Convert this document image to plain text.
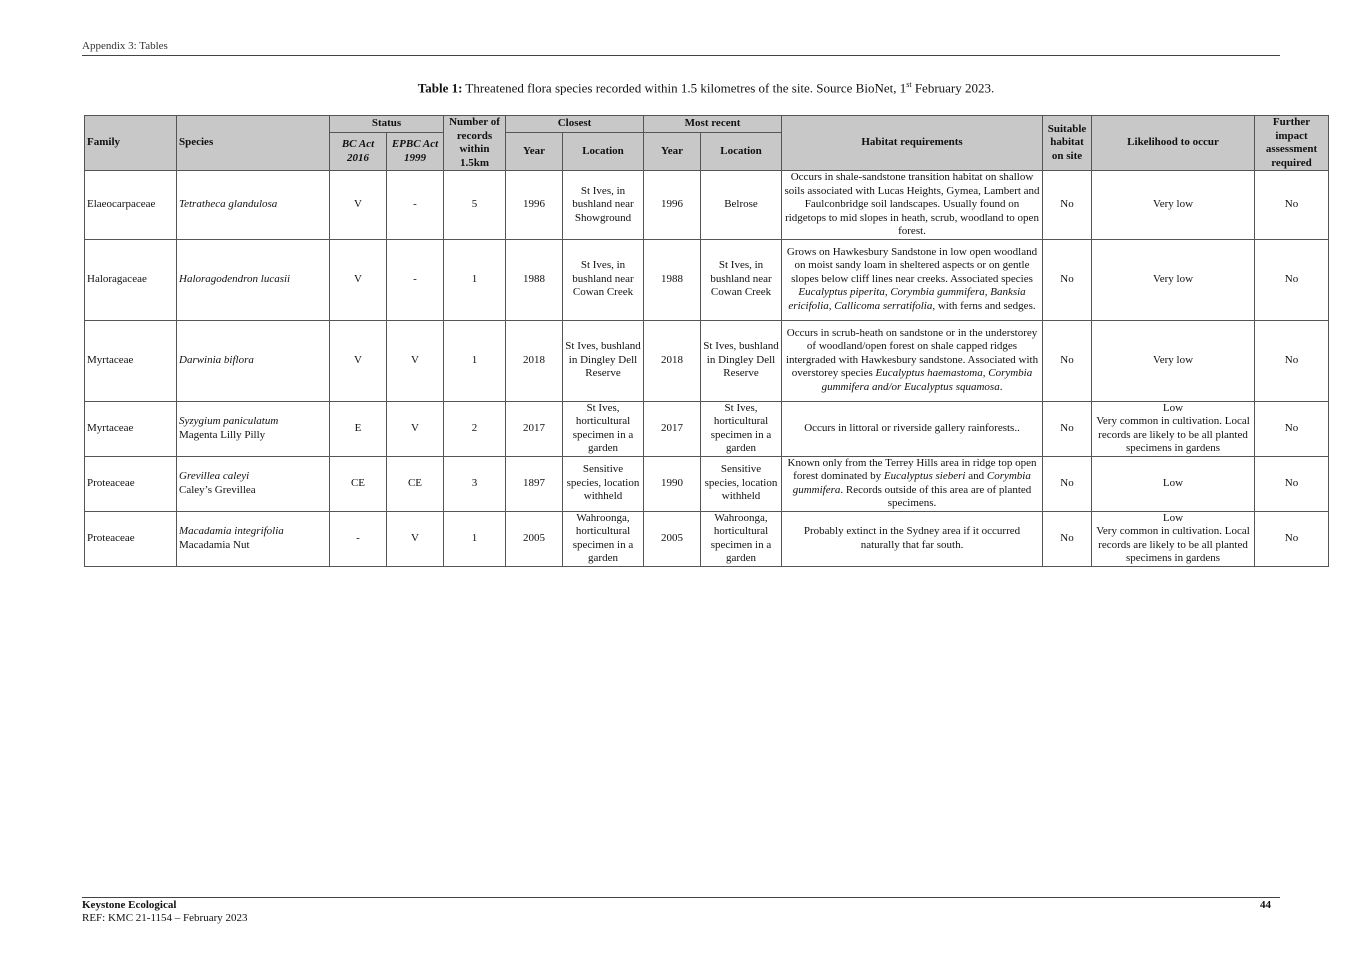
Appendix 3: Tables
Table 1: Threatened flora species recorded within 1.5 kilometres of the site. Source BioNet, 1st February 2023.
Family	Species	Status		Number of records within 1.5km	Closest		Most recent		Habitat requirements	Suitable habitat on site	Likelihood to occur	Further impact assessment required
		BC Act 2016	EPBC Act 1999		Year	Location	Year	Location				
Elaeocarpaceae	Tetratheca glandulosa	V	-	5	1996	St Ives, in bushland near Showground	1996	Belrose	Occurs in shale-sandstone transition habitat on shallow soils associated with Lucas Heights, Gymea, Lambert and Faulconbridge soil landscapes. Usually found on ridgetops to mid slopes in heath, scrub, woodland to open forest.	No	Very low	No
Haloragaceae	Haloragodendron lucasii	V	-	1	1988	St Ives, in bushland near Cowan Creek	1988	St Ives, in bushland near Cowan Creek	Grows on Hawkesbury Sandstone in low open woodland on moist sandy loam in sheltered aspects or on gentle slopes below cliff lines near creeks. Associated species Eucalyptus piperita, Corymbia gummifera, Banksia ericifolia, Callicoma serratifolia, with ferns and sedges.	No	Very low	No
Myrtaceae	Darwinia biflora	V	V	1	2018	St Ives, bushland in Dingley Dell Reserve	2018	St Ives, bushland in Dingley Dell Reserve	Occurs in scrub-heath on sandstone or in the understorey of woodland/open forest on shale capped ridges intergraded with Hawkesbury sandstone. Associated with overstorey species Eucalyptus haemastoma, Corymbia gummifera and/or Eucalyptus squamosa.	No	Very low	No
Myrtaceae	Syzygium paniculatum
Magenta Lilly Pilly	E	V	2	2017	St Ives, horticultural specimen in a garden	2017	St Ives, horticultural specimen in a garden	Occurs in littoral or riverside gallery rainforests..	No	Low
Very common in cultivation. Local records are likely to be all planted specimens in gardens	No
Proteaceae	Grevillea caleyi
Caley’s Grevillea	CE	CE	3	1897	Sensitive species, location withheld	1990	Sensitive species, location withheld	Known only from the Terrey Hills area in ridge top open forest dominated by Eucalyptus sieberi and Corymbia gummifera. Records outside of this area are of planted specimens.	No	Low	No
Proteaceae	Macadamia integrifolia
Macadamia Nut	-	V	1	2005	Wahroonga, horticultural specimen in a garden	2005	Wahroonga, horticultural specimen in a garden	Probably extinct in the Sydney area if it occurred naturally that far south.	No	Low
Very common in cultivation. Local records are likely to be all planted specimens in gardens	No
Keystone Ecological
REF: KMC 21-1154 – February 2023
44
